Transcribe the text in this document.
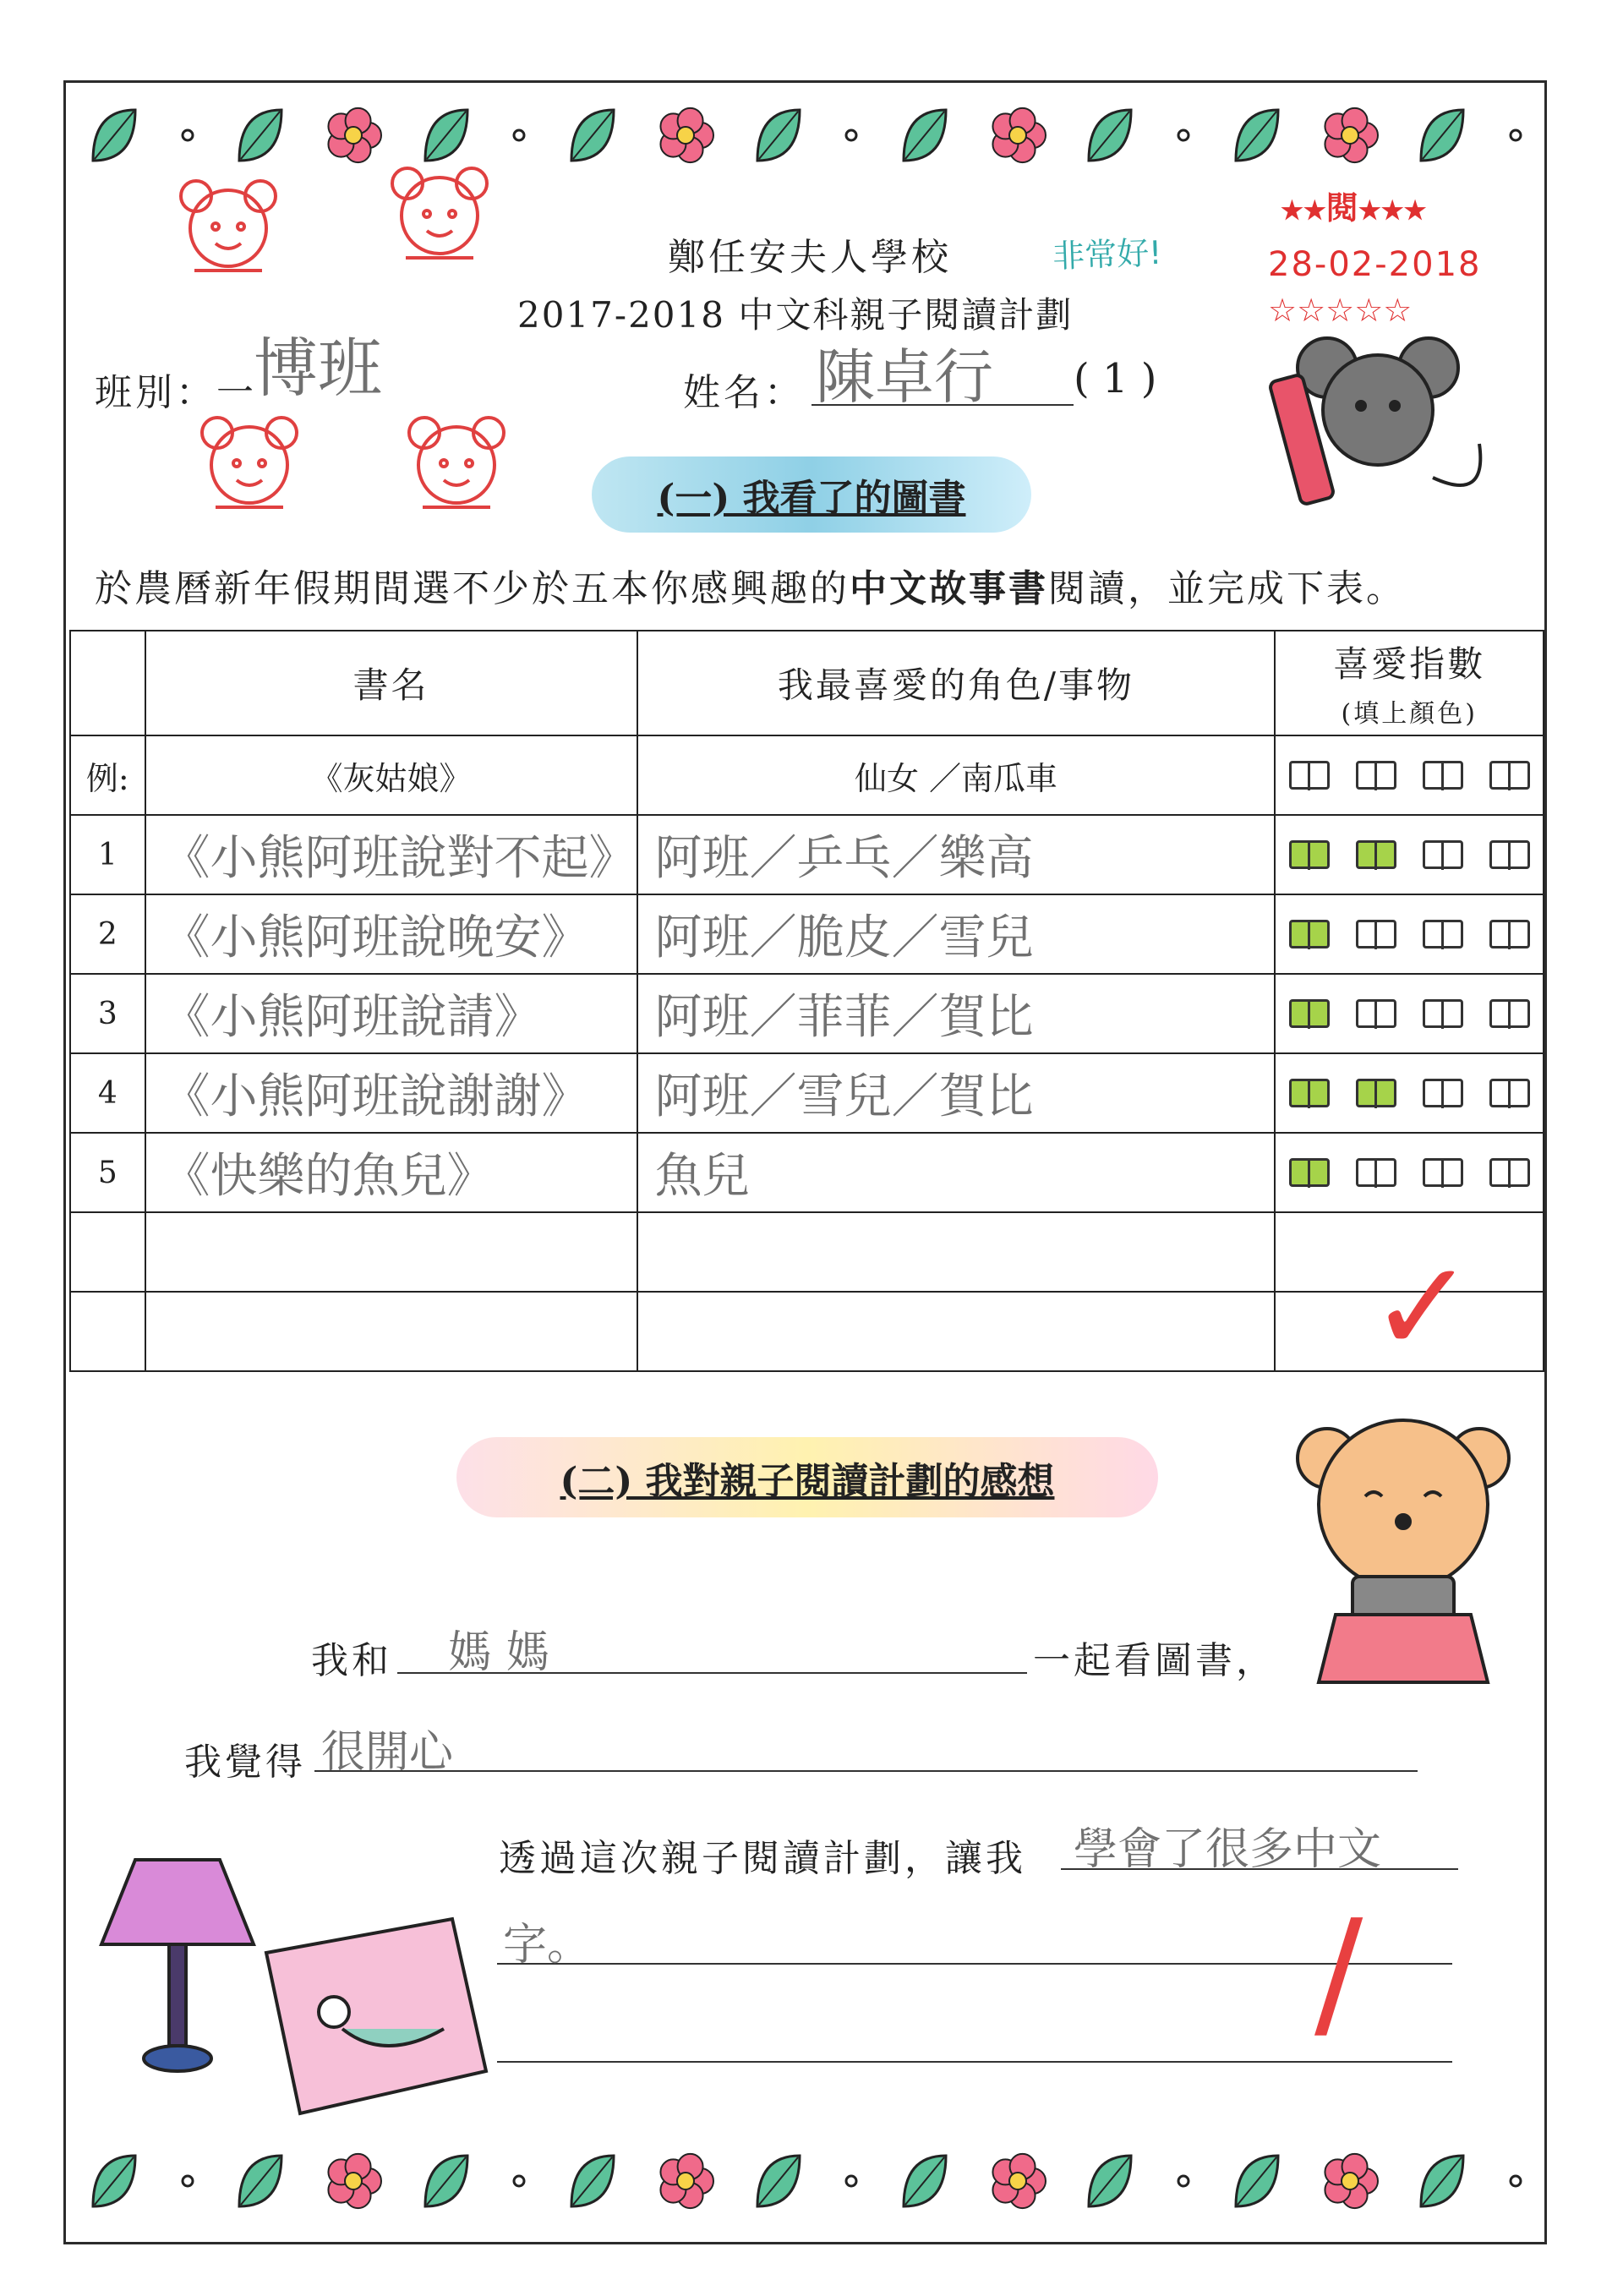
鄭任安夫人學校
2017-2018 中文科親子閱讀計劃
非常好!
★★閱★★★
28-02-2018
☆☆☆☆☆
班別：一
博班	姓名： 陳卓行 ( 1 )
(一) 我看了的圖書
於農曆新年假期間選不少於五本你感興趣的中文故事書閱讀，並完成下表。
	書名	我最喜愛的角色/事物	喜愛指數
(填上顏色)

例:	《灰姑娘》	仙女 ／南瓜車	

1	《小熊阿班說對不起》	阿班／乒乓／樂高	

2	《小熊阿班說晚安》	阿班／脆皮／雪兒	

3	《小熊阿班說請》	阿班／菲菲／賀比	

4	《小熊阿班說謝謝》	阿班／雪兒／賀比	

5	《快樂的魚兒》	魚兒	

✓
(二) 我對親子閱讀計劃的感想
我和 媽 媽	一起看圖書，
我覺得 很開心
透過這次親子閱讀計劃，讓我 學會了很多中文
字。	/
